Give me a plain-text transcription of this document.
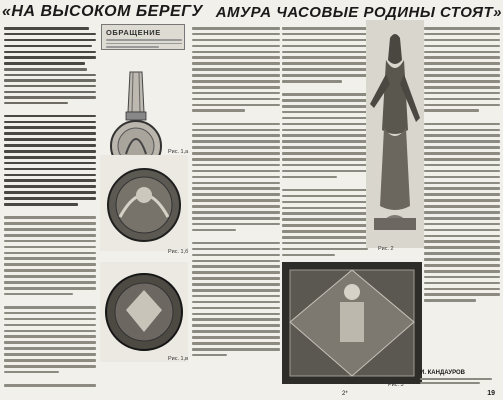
«НА ВЫСОКОМ БЕРЕГУ АМУРА ЧАСОВЫЕ РОДИНЫ СТОЯТ»
ОБРАЩЕНИЕ
Рис. 1,а
Рис. 1,б
Рис. 1,в
Рис. 2
Рис. 3
И. КАНДАУРОВ
2*	19
